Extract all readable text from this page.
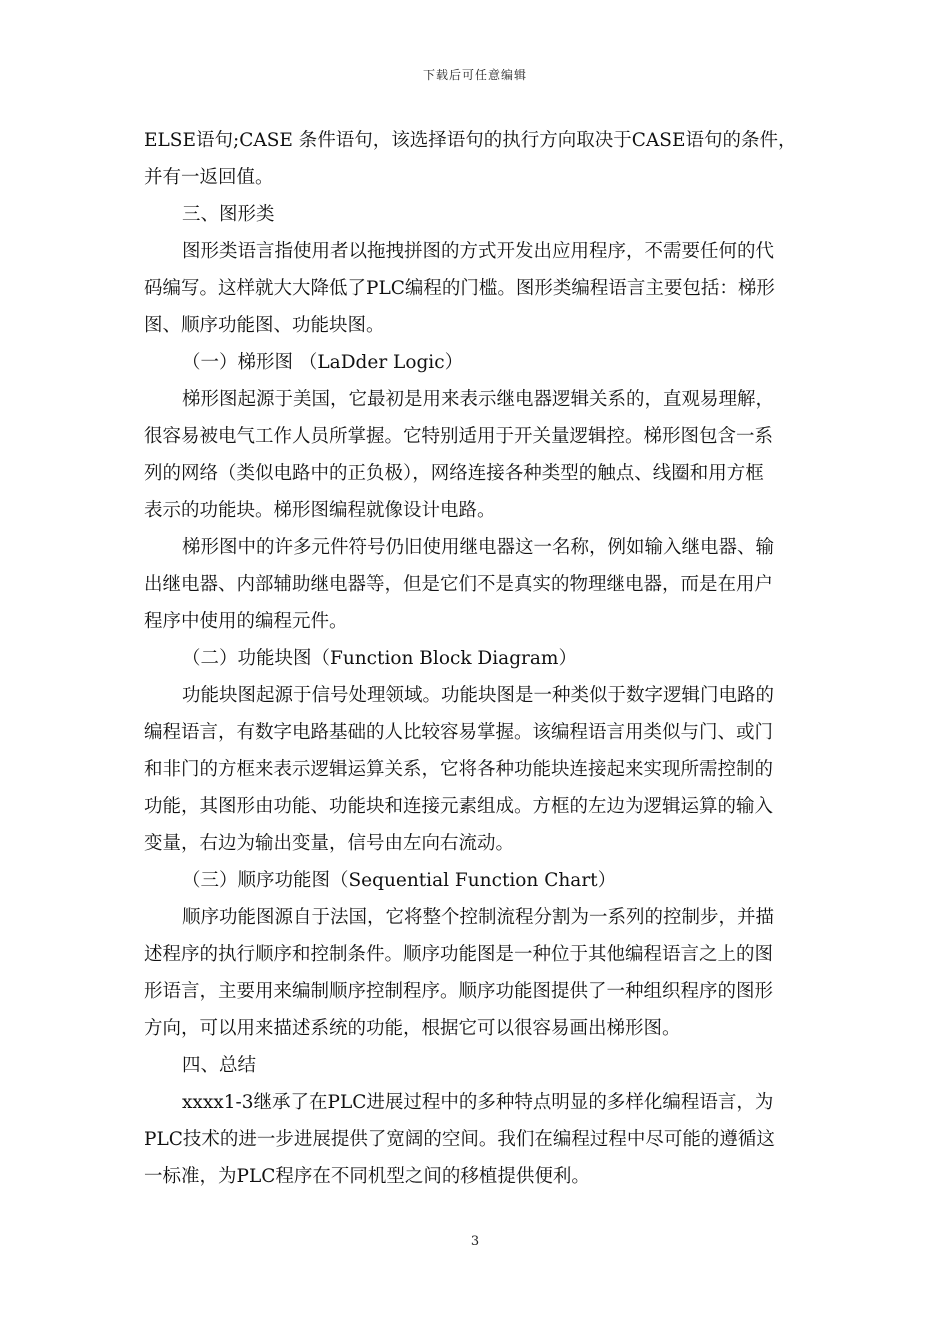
下载后可任意编辑
ELSE语句;CASE 条件语句，该选择语句的执行方向取决于CASE语句的条件，
并有一返回值。
三、图形类
图形类语言指使用者以拖拽拼图的方式开发出应用程序，不需要任何的代
码编写。这样就大大降低了PLC编程的门槛。图形类编程语言主要包括：梯形
图、顺序功能图、功能块图。
（一）梯形图 （LaDder Logic）
梯形图起源于美国，它最初是用来表示继电器逻辑关系的，直观易理解，
很容易被电气工作人员所掌握。它特别适用于开关量逻辑控。梯形图包含一系
列的网络（类似电路中的正负极），网络连接各种类型的触点、线圈和用方框
表示的功能块。梯形图编程就像设计电路。
梯形图中的许多元件符号仍旧使用继电器这一名称，例如输入继电器、输
出继电器、内部辅助继电器等，但是它们不是真实的物理继电器，而是在用户
程序中使用的编程元件。
（二）功能块图（Function Block Diagram）
功能块图起源于信号处理领域。功能块图是一种类似于数字逻辑门电路的
编程语言，有数字电路基础的人比较容易掌握。该编程语言用类似与门、或门
和非门的方框来表示逻辑运算关系，它将各种功能块连接起来实现所需控制的
功能，其图形由功能、功能块和连接元素组成。方框的左边为逻辑运算的输入
变量，右边为输出变量，信号由左向右流动。
（三）顺序功能图（Sequential Function Chart）
顺序功能图源自于法国，它将整个控制流程分割为一系列的控制步，并描
述程序的执行顺序和控制条件。顺序功能图是一种位于其他编程语言之上的图
形语言，主要用来编制顺序控制程序。顺序功能图提供了一种组织程序的图形
方向，可以用来描述系统的功能，根据它可以很容易画出梯形图。
四、总结
xxxx1-3继承了在PLC进展过程中的多种特点明显的多样化编程语言，为
PLC技术的进一步进展提供了宽阔的空间。我们在编程过程中尽可能的遵循这
一标准，为PLC程序在不同机型之间的移植提供便利。
3
